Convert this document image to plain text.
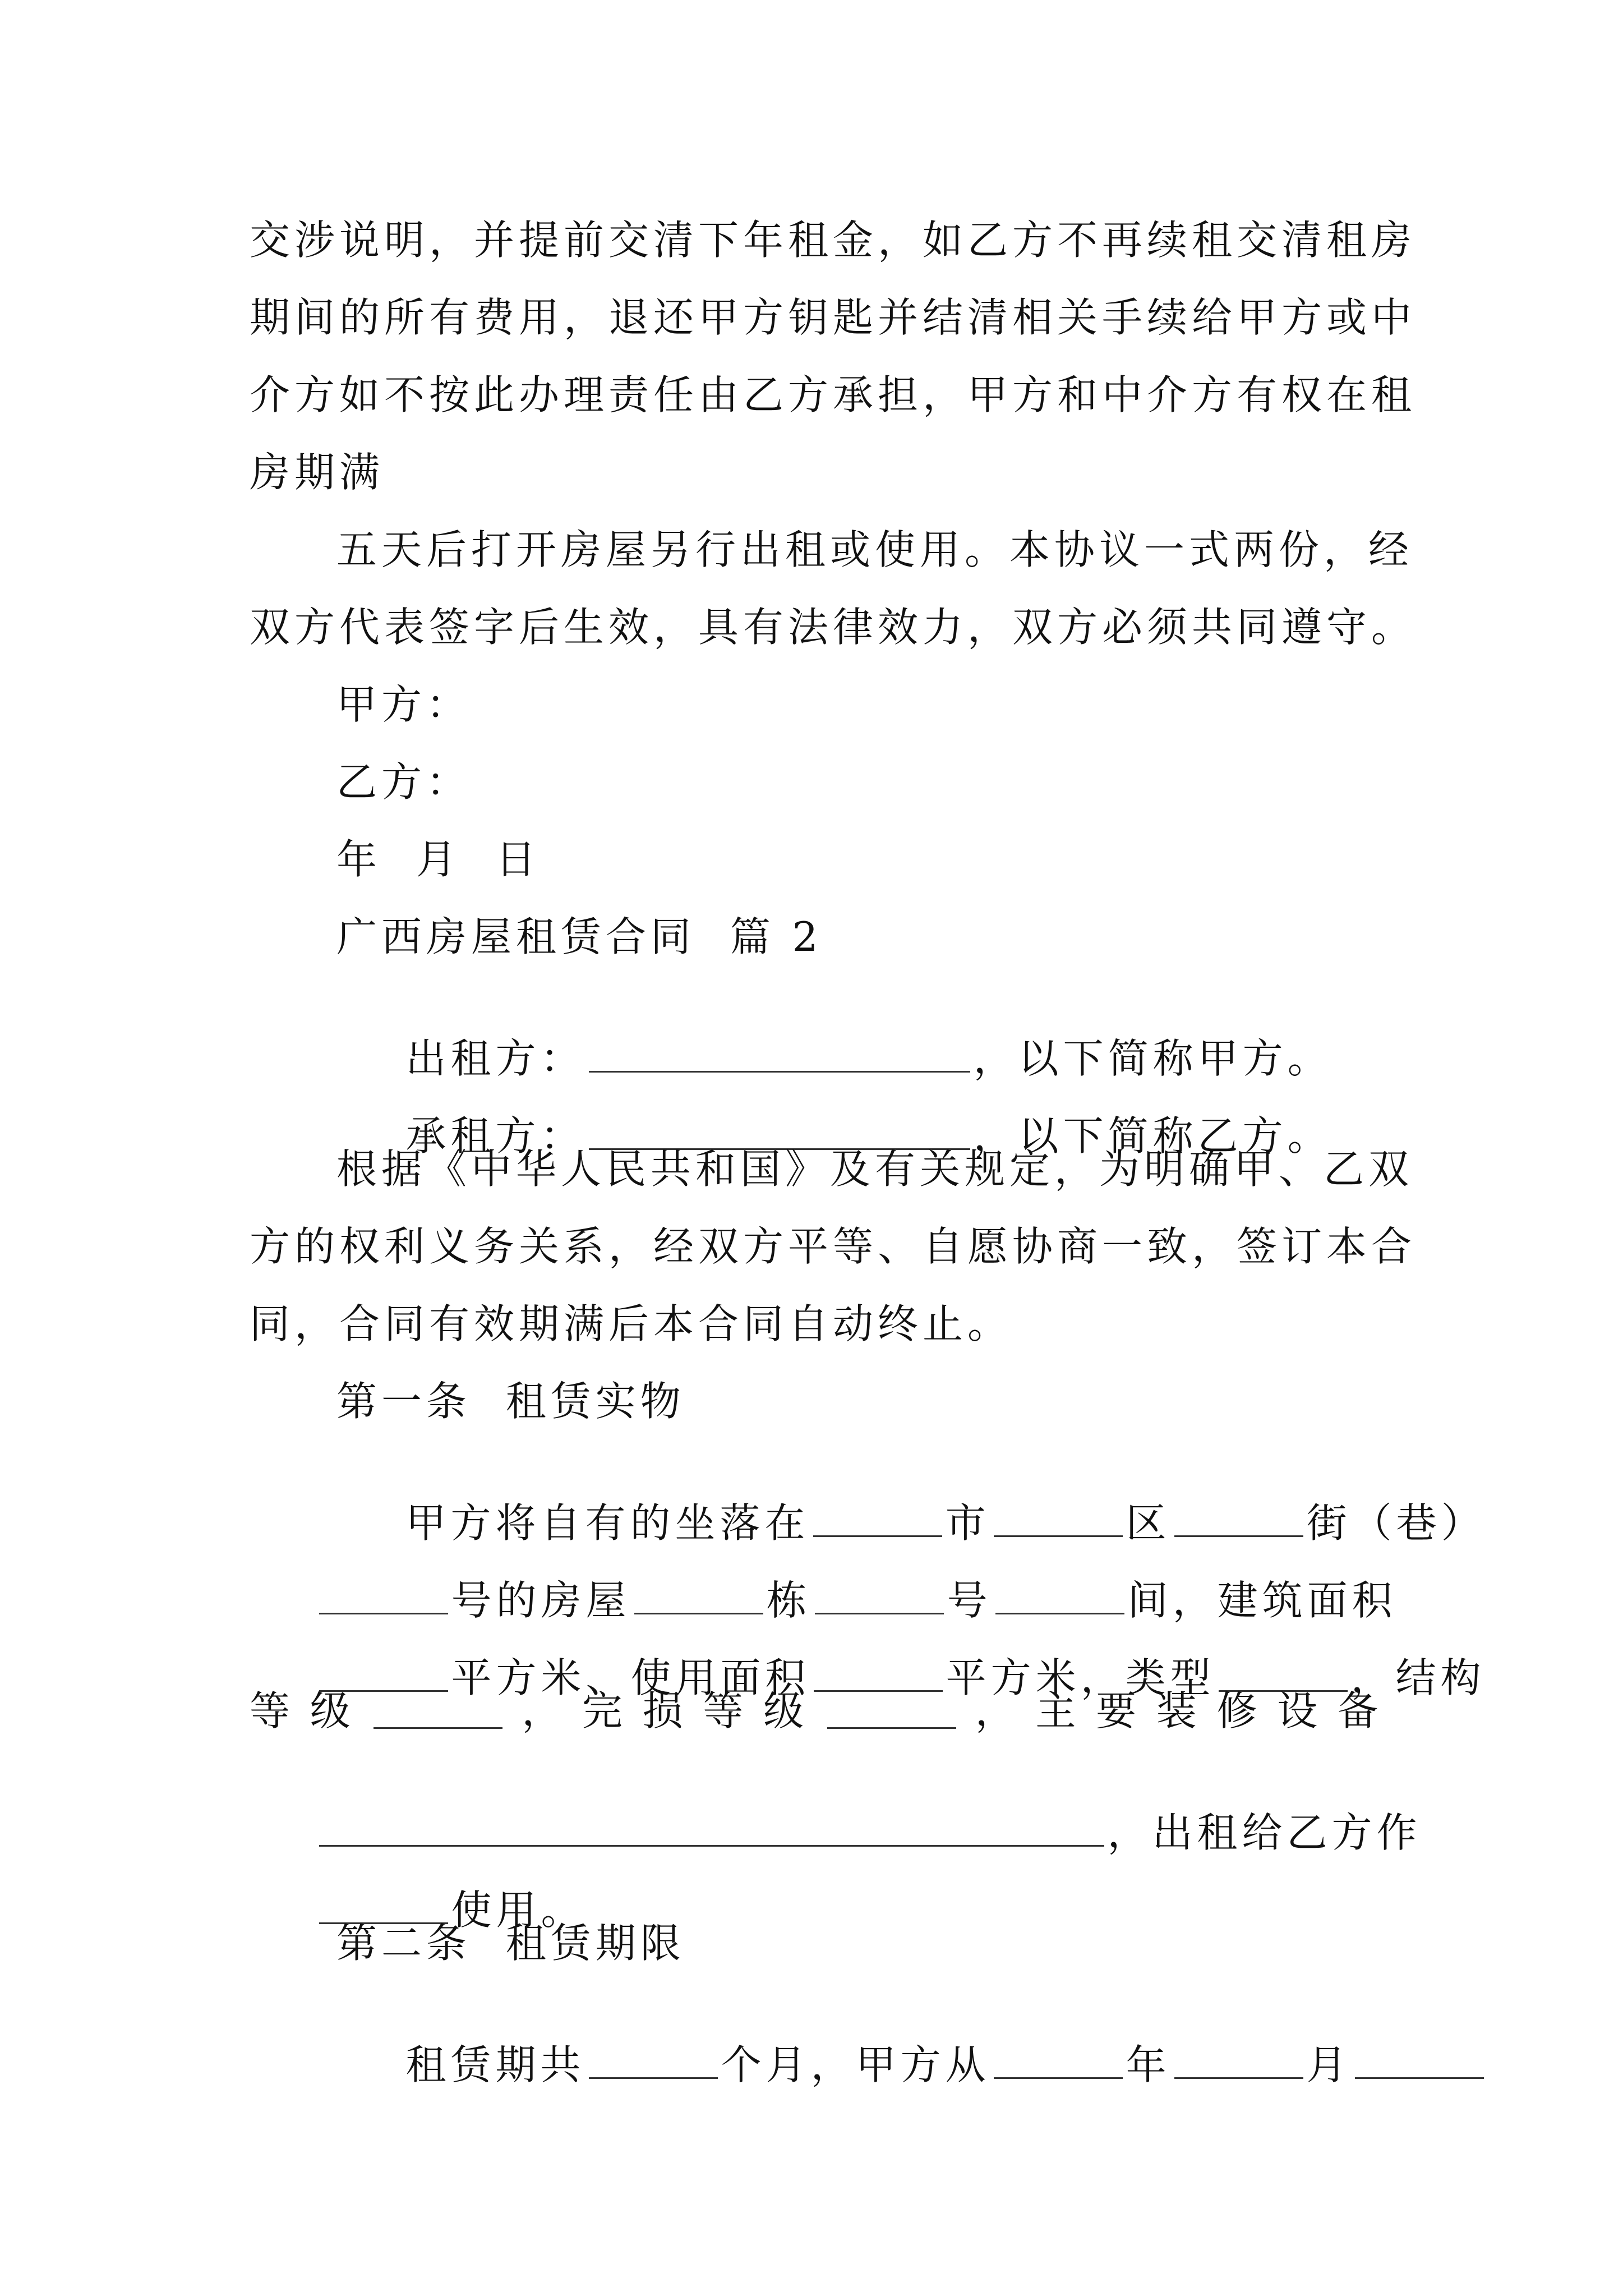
交涉说明，并提前交清下年租金，如乙方不再续租交清租房
期间的所有费用，退还甲方钥匙并结清相关手续给甲方或中
介方如不按此办理责任由乙方承担，甲方和中介方有权在租
房期满
五天后打开房屋另行出租或使用。本协议一式两份，经
双方代表签字后生效，具有法律效力，双方必须共同遵守。
甲方：
乙方：
年  月  日
广西房屋租赁合同  篇 2

出租方：	，以下简称甲方。

承租方：	，以下简称乙方。

根据《中华人民共和国》及有关规定，为明确甲、乙双
方的权利义务关系，经双方平等、自愿协商一致，签订本合
同，合同有效期满后本合同自动终止。
第一条  租赁实物

甲方将自有的坐落在	市	区	街（巷）

号的房屋	栋	号	间，建筑面积

平方米、使用面积	平方米，类型	，结构

等 级	， 完 损 等 级	， 主 要 装 修 设 备

，出租给乙方作

使用。

第二条  租赁期限

租赁期共	个月，甲方从	年	月
